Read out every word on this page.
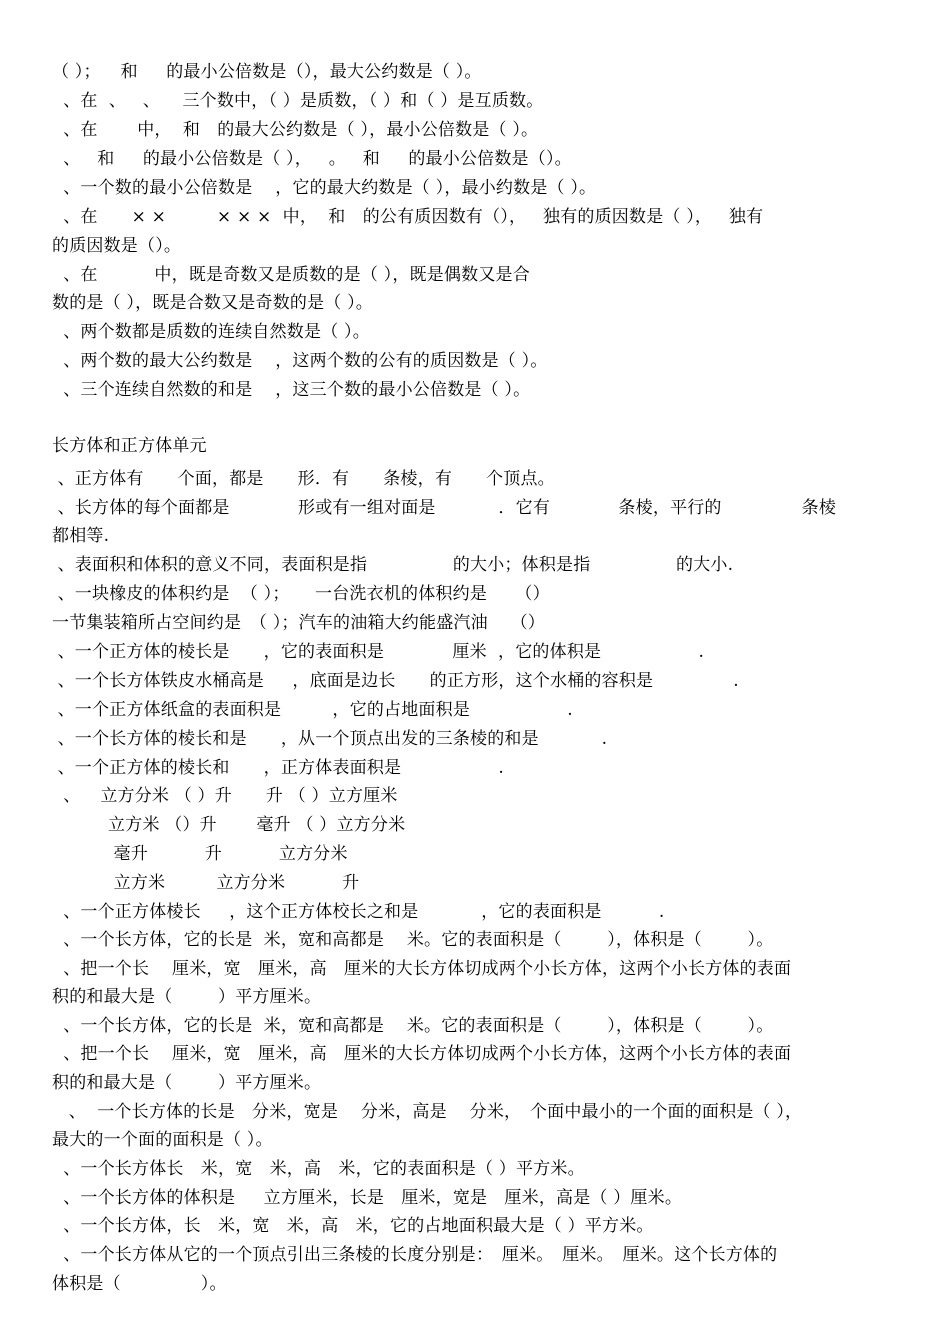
（ ）；　  和　  的最小公倍数是（），最大公约数是（ ）。
、在  、   、    三个数中，（ ）是质数，（ ）和（ ）是互质数。
、在　    中，  和　的最大公约数是（ ），最小公倍数是（ ）。
、   和　  的最小公倍数是（ ），   。   和　  的最小公倍数是（）。
、一个数的最小公倍数是　 ，它的最大约数是（ ），最小约数是（ ）。
、在　   × ×　      × × ×  中，  和　的公有质因数有（），   独有的质因数是（ ），   独有
的质因数是（）。
、在　　    中，既是奇数又是质数的是（ ），既是偶数又是合
数的是（ ），既是合数又是奇数的是（ ）。
、两个数都是质数的连续自然数是（ ）。
、两个数的最大公约数是　 ，这两个数的公有的质因数是（ ）。
、三个连续自然数的和是　 ，这三个数的最小公倍数是（ ）。
长方体和正方体单元
、正方体有　   个面，都是　   形．有　   条棱，有　   个顶点。
、长方体的每个面都是　　　   形或有一组对面是　　　  ．它有　　　   条棱，平行的　　　　  条棱
都相等.
、表面积和体积的意义不同，表面积是指　　　　   的大小；体积是指　　　　   的大小.
、一块橡皮的体积约是  （ ）；　   一台洗衣机的体积约是　  （）
一节集装箱所占空间约是　（ ）；汽车的油箱大约能盛汽油　 （）
、一个正方体的棱长是　   ，它的表面积是　　　   厘米  ，它的体积是　　　　　  .
、一个长方体铁皮水桶高是　  ，底面是边长　   的正方形，这个水桶的容积是　　　　  .
、一个正方体纸盒的表面积是　　   ，它的占地面积是　　　　　  .
、一个长方体的棱长和是　   ，从一个顶点出发的三条棱的和是　　　  .
、一个正方体的棱长和　   ，正方体表面积是　　　　　  .
、　  立方分米 （ ）升　   升 （ ）立方厘米
立方米 （）升　    毫升 （ ）立方分米
毫升　　    升　　    立方分米
立方米　　   立方分米　　    升
、一个正方体棱长　  ，这个正方体校长之和是　　　  ，它的表面积是　　　 .
、一个长方体，它的长是  米，宽和高都是　 米。它的表面积是（　　  ），体积是（　　  ）。
、把一个长　 厘米，宽　厘米，高　厘米的大长方体切成两个小长方体，这两个小长方体的表面
积的和最大是（　　  ）平方厘米。
、一个长方体，它的长是  米，宽和高都是　 米。它的表面积是（　　  ），体积是（　　  ）。
、把一个长　 厘米，宽　厘米，高　厘米的大长方体切成两个小长方体，这两个小长方体的表面
积的和最大是（　　  ）平方厘米。
、  一个长方体的长是　分米，宽是　 分米，高是　 分米，　个面中最小的一个面的面积是（ ），
最大的一个面的面积是（ ）。
、一个长方体长　米，宽　米，高　米，它的表面积是（ ）平方米。
、一个长方体的体积是　  立方厘米，长是　厘米，宽是　厘米，高是（ ）厘米。
、一个长方体，长　米，宽　米，高　米，它的占地面积最大是（ ）平方米。
、一个长方体从它的一个顶点引出三条棱的长度分别是：　厘米。　厘米。　厘米。这个长方体的
体积是（　　　　  ）。
